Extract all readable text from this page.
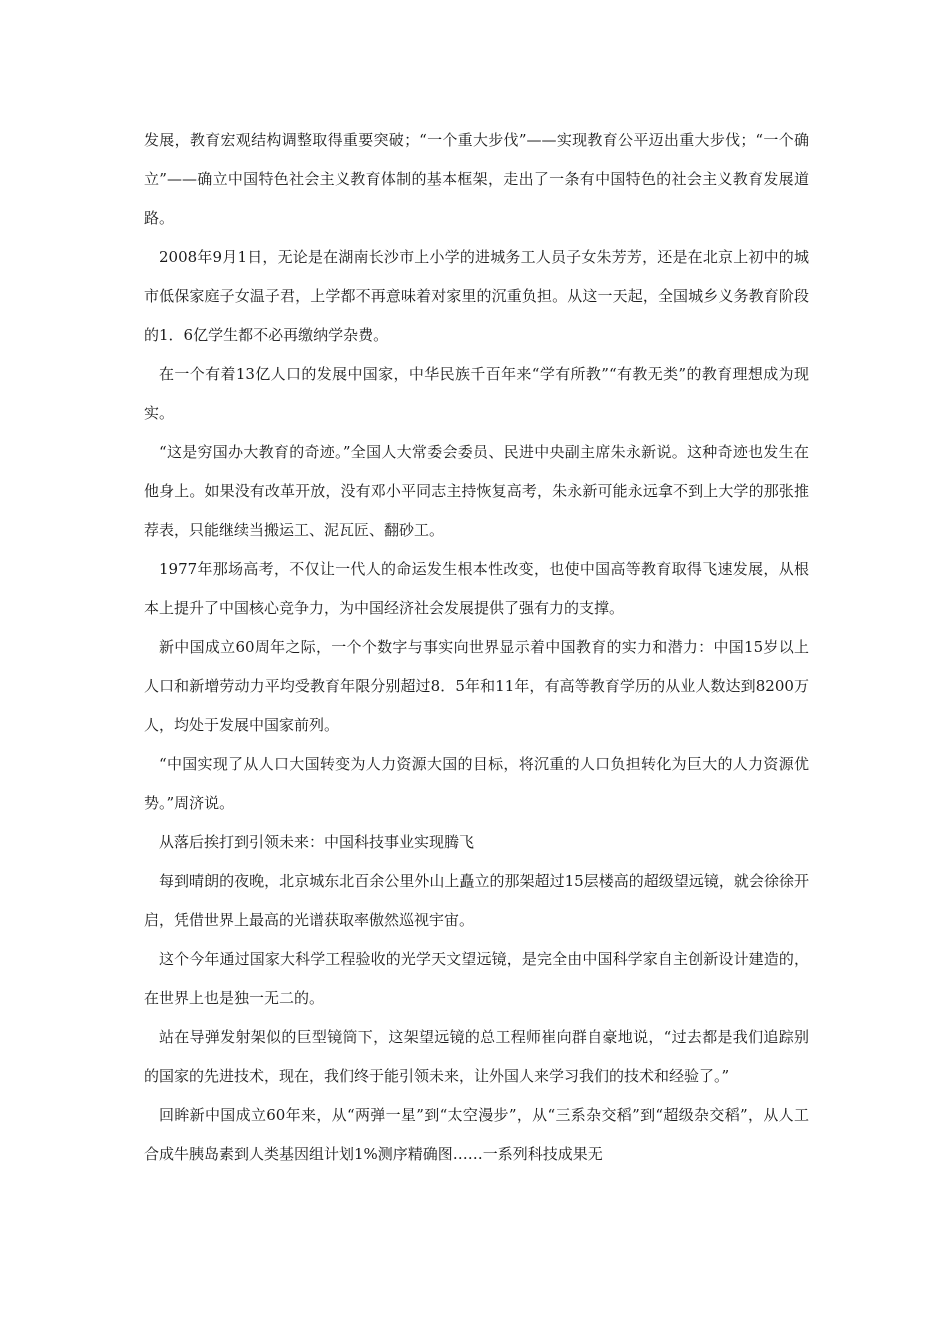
发展，教育宏观结构调整取得重要突破；“一个重大步伐”——实现教育公平迈出重大步伐；“一个确立”——确立中国特色社会主义教育体制的基本框架，走出了一条有中国特色的社会主义教育发展道路。

2008年9月1日，无论是在湖南长沙市上小学的进城务工人员子女朱芳芳，还是在北京上初中的城市低保家庭子女温子君，上学都不再意味着对家里的沉重负担。从这一天起，全国城乡义务教育阶段的1．6亿学生都不必再缴纳学杂费。

在一个有着13亿人口的发展中国家，中华民族千百年来“学有所教”“有教无类”的教育理想成为现实。

“这是穷国办大教育的奇迹。”全国人大常委会委员、民进中央副主席朱永新说。这种奇迹也发生在他身上。如果没有改革开放，没有邓小平同志主持恢复高考，朱永新可能永远拿不到上大学的那张推荐表，只能继续当搬运工、泥瓦匠、翻砂工。

1977年那场高考，不仅让一代人的命运发生根本性改变，也使中国高等教育取得飞速发展，从根本上提升了中国核心竞争力，为中国经济社会发展提供了强有力的支撑。

新中国成立60周年之际，一个个数字与事实向世界显示着中国教育的实力和潜力：中国15岁以上人口和新增劳动力平均受教育年限分别超过8．5年和11年，有高等教育学历的从业人数达到8200万人，均处于发展中国家前列。

“中国实现了从人口大国转变为人力资源大国的目标，将沉重的人口负担转化为巨大的人力资源优势。”周济说。

从落后挨打到引领未来：中国科技事业实现腾飞

每到晴朗的夜晚，北京城东北百余公里外山上矗立的那架超过15层楼高的超级望远镜，就会徐徐开启，凭借世界上最高的光谱获取率傲然巡视宇宙。

这个今年通过国家大科学工程验收的光学天文望远镜，是完全由中国科学家自主创新设计建造的，在世界上也是独一无二的。

站在导弹发射架似的巨型镜筒下，这架望远镜的总工程师崔向群自豪地说，“过去都是我们追踪别的国家的先进技术，现在，我们终于能引领未来，让外国人来学习我们的技术和经验了。”

回眸新中国成立60年来，从“两弹一星”到“太空漫步”，从“三系杂交稻”到“超级杂交稻”，从人工合成牛胰岛素到人类基因组计划1%测序精确图……一系列科技成果无
